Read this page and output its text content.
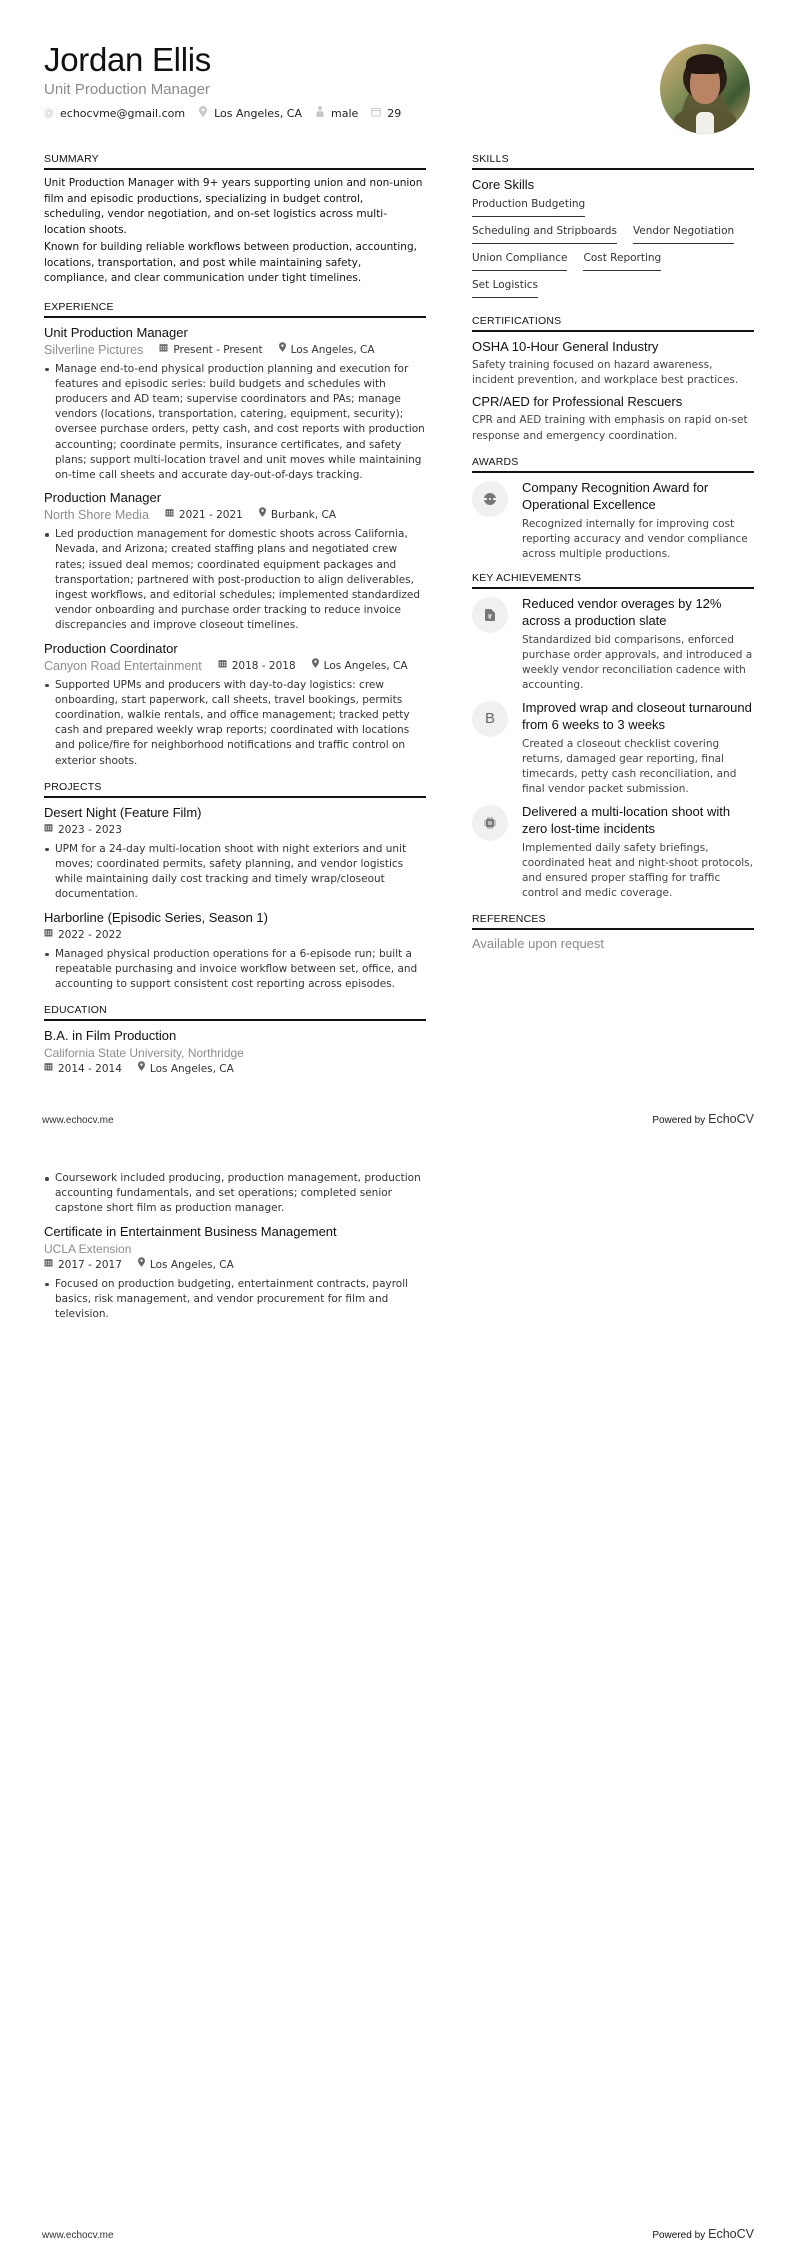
Jordan Ellis
Unit Production Manager
@ echocvme@gmail.com	Los Angeles, CA	male	29
SUMMARY

Unit Production Manager with 9+ years supporting union and non-union film and episodic productions, specializing in budget control, scheduling, vendor negotiation, and on-set logistics across multi-location shoots.

Known for building reliable workflows between production, accounting, locations, transportation, and post while maintaining safety, compliance, and clear communication under tight timelines.

EXPERIENCE
Unit Production Manager
Silverline Pictures	Present - Present	Los Angeles, CA
Manage end-to-end physical production planning and execution for features and episodic series: build budgets and schedules with producers and AD team; supervise coordinators and PAs; manage vendors (locations, transportation, catering, equipment, security); oversee purchase orders, petty cash, and cost reports with production accounting; coordinate permits, insurance certificates, and safety plans; support multi-location travel and unit moves while maintaining on-time call sheets and accurate day-out-of-days tracking.
Production Manager
North Shore Media	2021 - 2021	Burbank, CA
Led production management for domestic shoots across California, Nevada, and Arizona; created staffing plans and negotiated crew rates; issued deal memos; coordinated equipment packages and transportation; partnered with post-production to align deliverables, ingest workflows, and editorial schedules; implemented standardized vendor onboarding and purchase order tracking to reduce invoice discrepancies and improve closeout timelines.
Production Coordinator
Canyon Road Entertainment	2018 - 2018	Los Angeles, CA
Supported UPMs and producers with day-to-day logistics: crew onboarding, start paperwork, call sheets, travel bookings, permits coordination, walkie rentals, and office management; tracked petty cash and prepared weekly wrap reports; coordinated with locations and police/fire for neighborhood notifications and traffic control on exterior shoots.
PROJECTS
Desert Night (Feature Film)
2023 - 2023
UPM for a 24-day multi-location shoot with night exteriors and unit moves; coordinated permits, safety planning, and vendor logistics while maintaining daily cost tracking and timely wrap/closeout documentation.
Harborline (Episodic Series, Season 1)
2022 - 2022
Managed physical production operations for a 6-episode run; built a repeatable purchasing and invoice workflow between set, office, and accounting to support consistent cost reporting across episodes.
EDUCATION
B.A. in Film Production
California State University, Northridge
2014 - 2014	Los Angeles, CA
SKILLS
Core Skills
Production Budgeting
Scheduling and Stripboards Vendor Negotiation
Union Compliance Cost Reporting
Set Logistics
CERTIFICATIONS
OSHA 10-Hour General Industry
Safety training focused on hazard awareness, incident prevention, and workplace best practices.
CPR/AED for Professional Rescuers
CPR and AED training with emphasis on rapid on-set response and emergency coordination.
AWARDS
Company Recognition Award for Operational Excellence
Recognized internally for improving cost reporting accuracy and vendor compliance across multiple productions.
KEY ACHIEVEMENTS
Reduced vendor overages by 12% across a production slate
Standardized bid comparisons, enforced purchase order approvals, and introduced a weekly vendor reconciliation cadence with accounting.
B
Improved wrap and closeout turnaround from 6 weeks to 3 weeks
Created a closeout checklist covering returns, damaged gear reporting, final timecards, petty cash reconciliation, and final vendor packet submission.
Delivered a multi-location shoot with zero lost-time incidents
Implemented daily safety briefings, coordinated heat and night-shoot protocols, and ensured proper staffing for traffic control and medic coverage.
REFERENCES
Available upon request
www.echocv.me	Powered by EchoCV
Coursework included producing, production management, production accounting fundamentals, and set operations; completed senior capstone short film as production manager.
Certificate in Entertainment Business Management
UCLA Extension
2017 - 2017	Los Angeles, CA
Focused on production budgeting, entertainment contracts, payroll basics, risk management, and vendor procurement for film and television.
www.echocv.me	Powered by EchoCV
